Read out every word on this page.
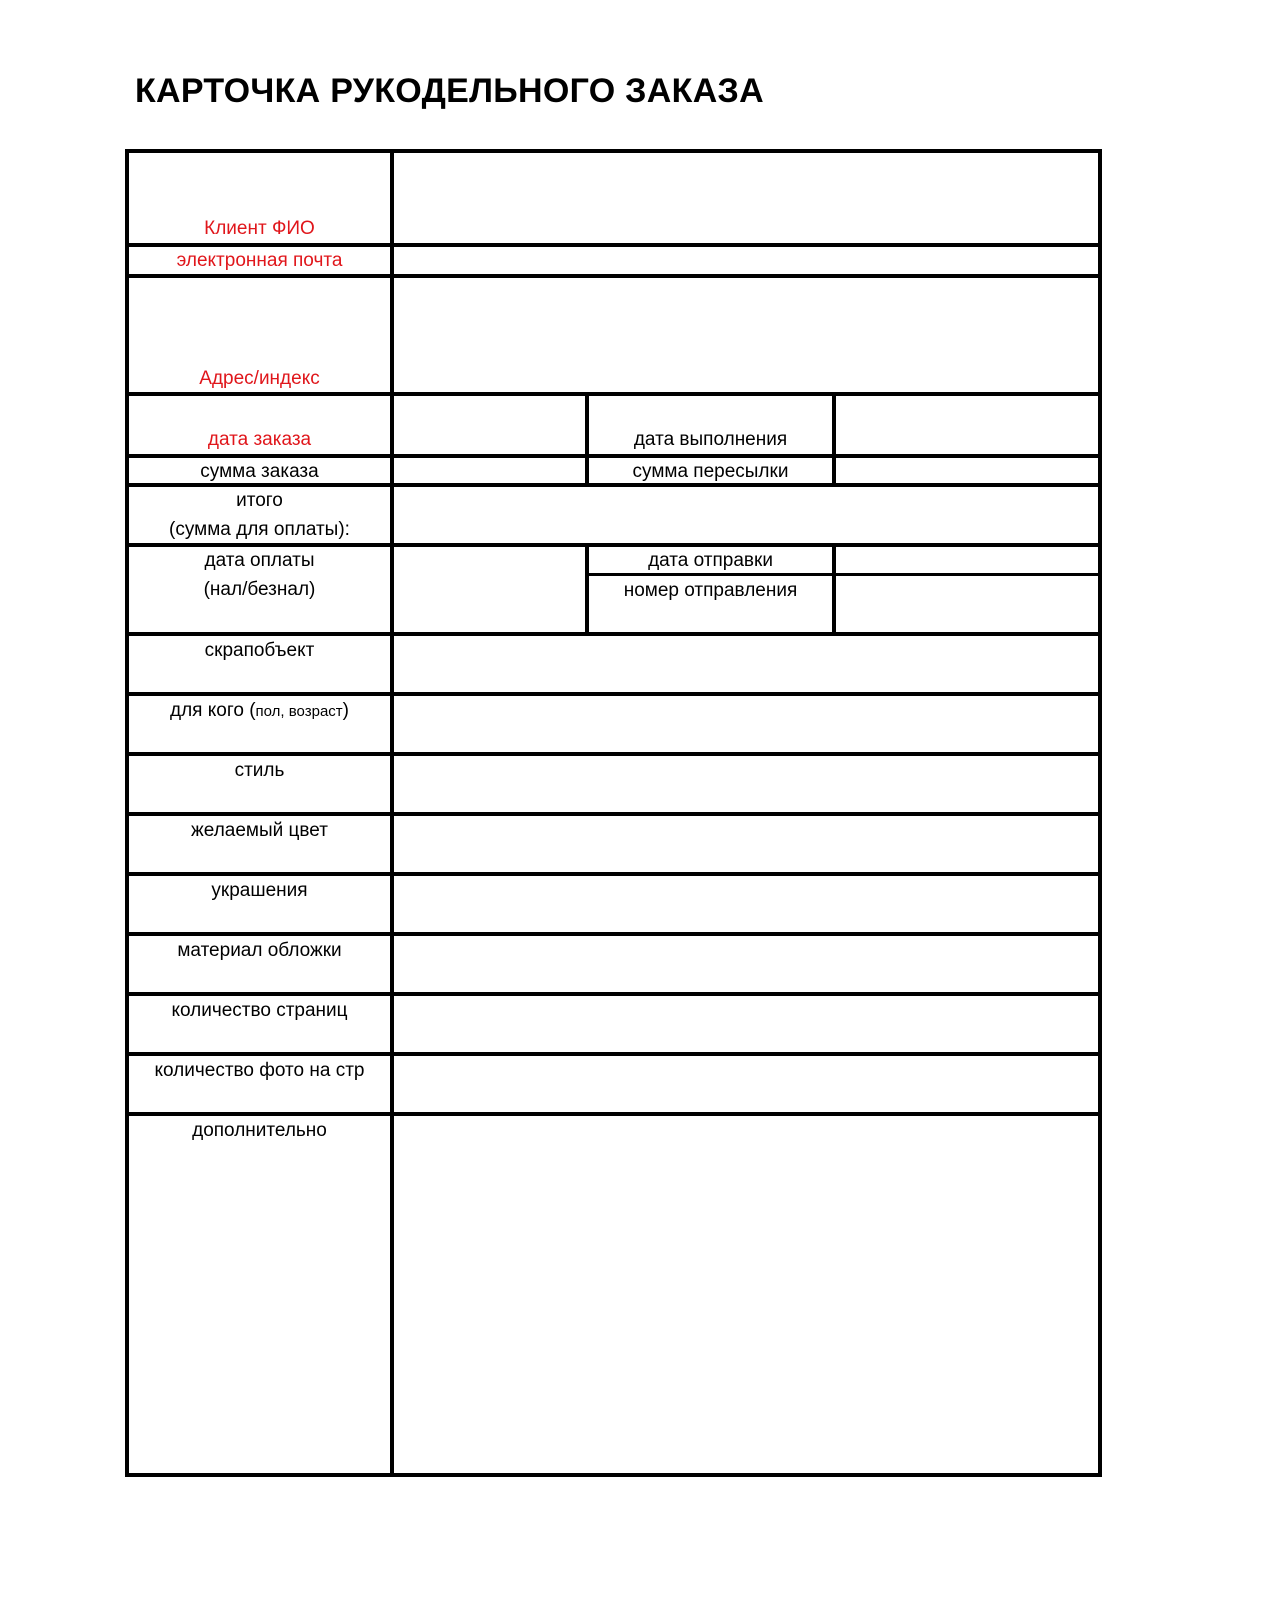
КАРТОЧКА РУКОДЕЛЬНОГО ЗАКАЗА
Клиент ФИО
электронная почта
Адрес/индекс
дата заказа
сумма заказа
итого
(сумма для оплаты):
дата оплаты
(нал/безнал)
скрапобъект
для кого (пол, возраст)
стиль
желаемый цвет
украшения
материал обложки
количество страниц
количество фото на стр
дополнительно
дата выполнения
сумма пересылки
дата отправки
номер отправления
